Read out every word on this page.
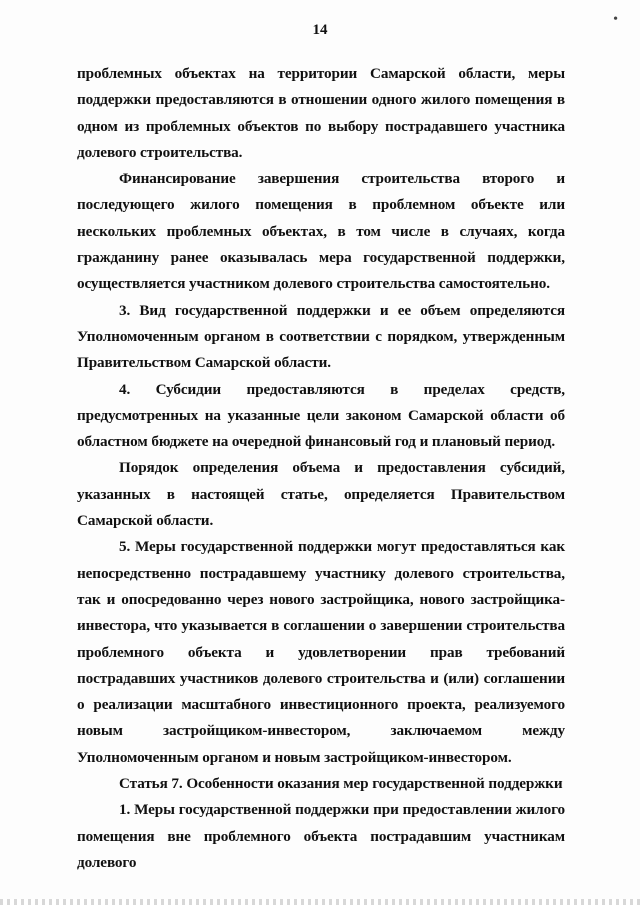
•
14

проблемных объектах на территории Самарской области, меры поддержки предоставляются в отношении одного жилого помещения в одном из проблемных объектов по выбору пострадавшего участника долевого строительства.

Финансирование завершения строительства второго и последующего жилого помещения в проблемном объекте или нескольких проблемных объектах, в том числе в случаях, когда гражданину ранее оказывалась мера государственной поддержки, осуществляется участником долевого строительства самостоятельно.

3. Вид государственной поддержки и ее объем определяются Уполномоченным органом в соответствии с порядком, утвержденным Правительством Самарской области.

4. Субсидии предоставляются в пределах средств, предусмотренных на указанные цели законом Самарской области об областном бюджете на очередной финансовый год и плановый период.

Порядок определения объема и предоставления субсидий, указанных в настоящей статье, определяется Правительством Самарской области.

5. Меры государственной поддержки могут предоставляться как непосредственно пострадавшему участнику долевого строительства, так и опосредованно через нового застройщика, нового застройщика-инвестора, что указывается в соглашении о завершении строительства проблемного объекта и удовлетворении прав требований пострадавших участников долевого строительства и (или) соглашении о реализации масштабного инвестиционного проекта, реализуемого новым застройщиком-инвестором, заключаемом между Уполномоченным органом и новым застройщиком-инвестором.

Статья 7. Особенности оказания мер государственной поддержки

1. Меры государственной поддержки при предоставлении жилого помещения вне проблемного объекта пострадавшим участникам долевого
